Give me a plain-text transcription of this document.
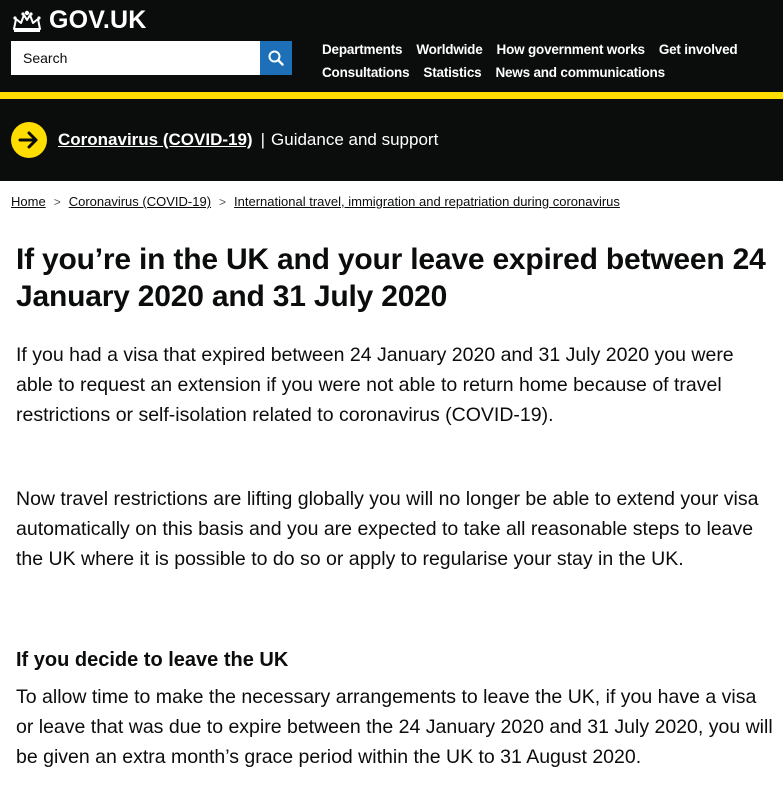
GOV.UK
Search
Departments Worldwide How government works Get involved
Consultations Statistics News and communications
Coronavirus (COVID-19) | Guidance and support
Home > Coronavirus (COVID-19) > International travel, immigration and repatriation during coronavirus
If you’re in the UK and your leave expired between 24 January 2020 and 31 July 2020

If you had a visa that expired between 24 January 2020 and 31 July 2020 you were able to request an extension if you were not able to return home because of travel restrictions or self-isolation related to coronavirus (COVID-19).

Now travel restrictions are lifting globally you will no longer be able to extend your visa automatically on this basis and you are expected to take all reasonable steps to leave the UK where it is possible to do so or apply to regularise your stay in the UK.

If you decide to leave the UK

To allow time to make the necessary arrangements to leave the UK, if you have a visa or leave that was due to expire between the 24 January 2020 and 31 July 2020, you will be given an extra month’s grace period within the UK to 31 August 2020.
